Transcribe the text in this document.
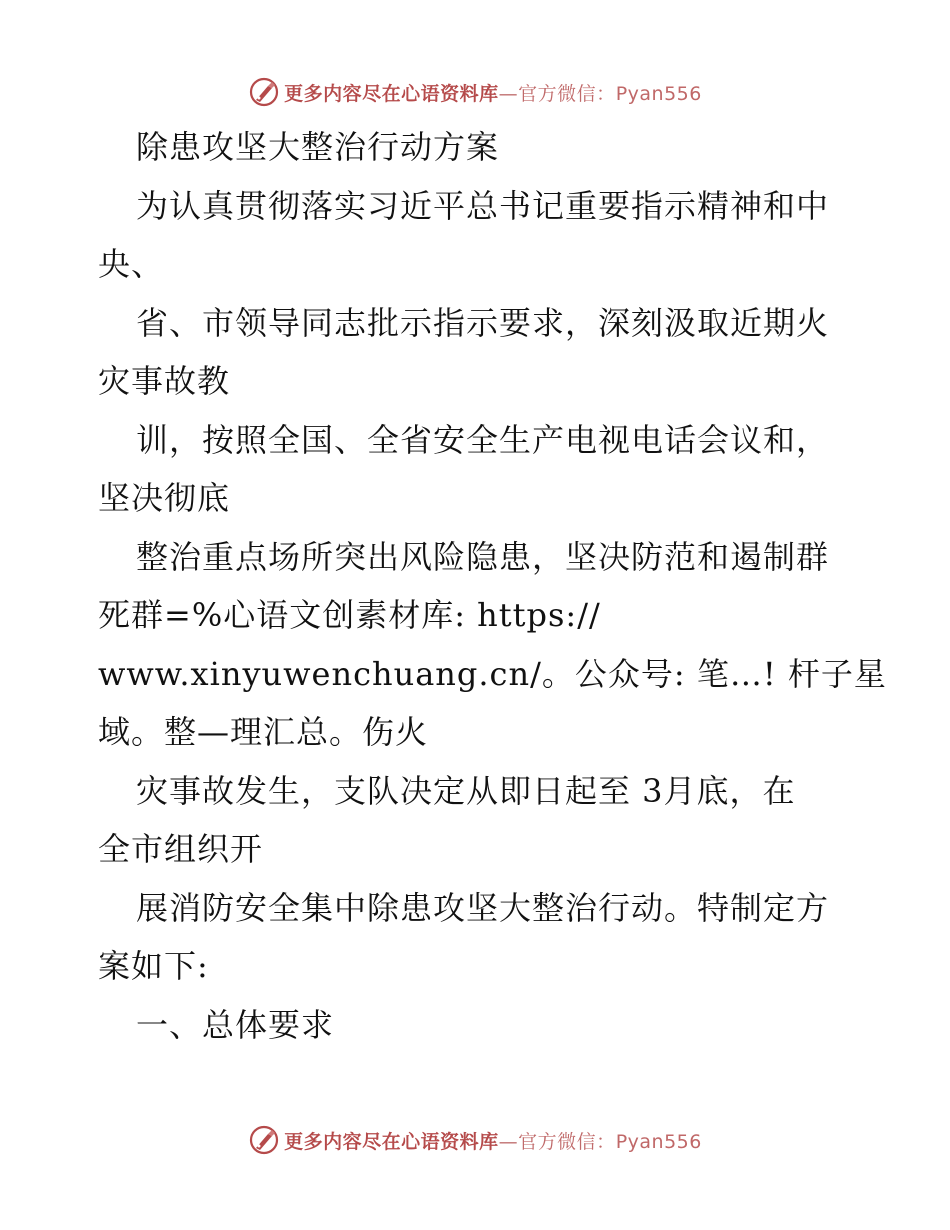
更多内容尽在心语资料库—官方微信：Pyan556
除患攻坚大整治行动方案
为认真贯彻落实习近平总书记重要指示精神和中
央、
省、市领导同志批示指示要求，深刻汲取近期火
灾事故教
训，按照全国、全省安全生产电视电话会议和，
坚决彻底
整治重点场所突出风险隐患，坚决防范和遏制群
死群=%心语文创素材库: https://
www.xinyuwenchuang.cn/。公众号: 笔…! 杆子星
域。整—理汇总。伤火
灾事故发生，支队决定从即日起至 3月底，在
全市组织开
展消防安全集中除患攻坚大整治行动。特制定方
案如下:
一、总体要求
更多内容尽在心语资料库—官方微信：Pyan556
